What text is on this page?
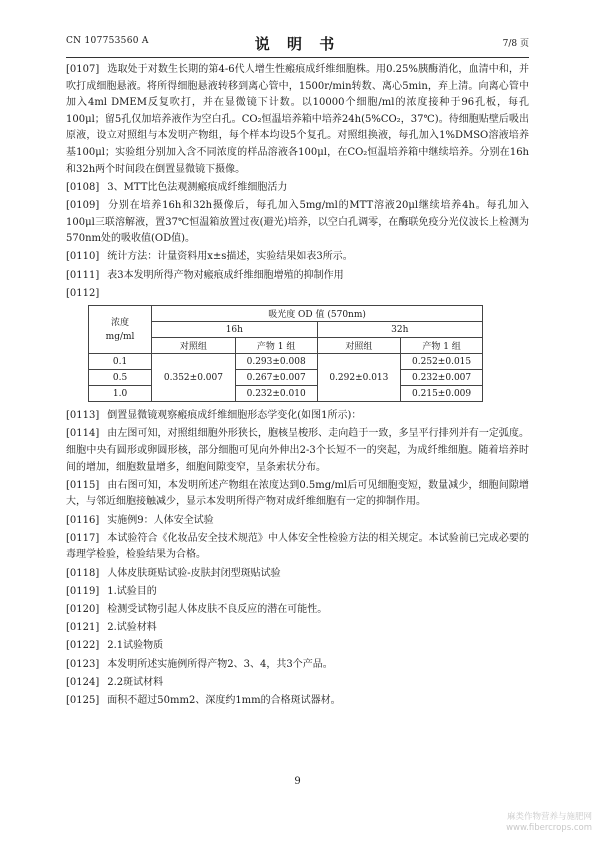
CN 107753560 A	说 明 书	7/8 页
[0107] 选取处于对数生长期的第4-6代人增生性瘢痕成纤维细胞株。用0.25%胰酶消化，血清中和，并吹打成细胞悬液。将所得细胞悬液转移到离心管中，1500r/min转数、离心5min，弃上清。向离心管中加入4ml DMEM反复吹打，并在显微镜下计数。以10000个细胞/ml的浓度接种于96孔板，每孔100μl；留5孔仅加培养液作为空白孔。CO₂恒温培养箱中培养24h(5%CO₂，37℃)。待细胞贴壁后吸出原液，设立对照组与本发明产物组，每个样本均设5个复孔。对照组换液，每孔加入1%DMSO溶液培养基100μl；实验组分别加入含不同浓度的样品溶液各100μl，在CO₂恒温培养箱中继续培养。分别在16h和32h两个时间段在倒置显微镜下摄像。
[0108] 3、MTT比色法观测瘢痕成纤维细胞活力
[0109] 分别在培养16h和32h摄像后，每孔加入5mg/ml的MTT溶液20μl继续培养4h。每孔加入100μl三联溶解液，置37℃恒温箱放置过夜(避光)培养，以空白孔调零，在酶联免疫分光仪波长上检测为570nm处的吸收值(OD值)。
[0110] 统计方法：计量资料用x±s描述，实验结果如表3所示。
[0111] 表3本发明所得产物对瘢痕成纤维细胞增殖的抑制作用
[0112]
浓度
mg/ml	吸光度 OD 值 (570nm)			
	16h		32h	
	对照组	产物 1 组	对照组	产物 1 组
0.1	0.352±0.007	0.293±0.008	0.292±0.013	0.252±0.015
0.5		0.267±0.007		0.232±0.007
1.0		0.232±0.010		0.215±0.009
[0113] 倒置显微镜观察瘢痕成纤维细胞形态学变化(如图1所示)：
[0114] 由左图可知，对照组细胞外形狭长，胞核呈梭形、走向趋于一致，多呈平行排列并有一定弧度。细胞中央有圆形或卵圆形核，部分细胞可见向外伸出2-3个长短不一的突起，为成纤维细胞。随着培养时间的增加，细胞数量增多，细胞间隙变窄，呈条索状分布。
[0115] 由右图可知，本发明所述产物组在浓度达到0.5mg/ml后可见细胞变短，数量减少，细胞间隙增大，与邻近细胞接触减少，显示本发明所得产物对成纤维细胞有一定的抑制作用。
[0116] 实施例9：人体安全试验
[0117] 本试验符合《化妆品安全技术规范》中人体安全性检验方法的相关规定。本试验前已完成必要的毒理学检验，检验结果为合格。
[0118] 人体皮肤斑贴试验-皮肤封闭型斑贴试验
[0119] 1.试验目的
[0120] 检测受试物引起人体皮肤不良反应的潜在可能性。
[0121] 2.试验材料
[0122] 2.1试验物质
[0123] 本发明所述实施例所得产物2、3、4，共3个产品。
[0124] 2.2斑试材料
[0125] 面积不超过50mm2、深度约1mm的合格斑试器材。
9
麻类作物营养与施肥网
www.fibercrops.com
